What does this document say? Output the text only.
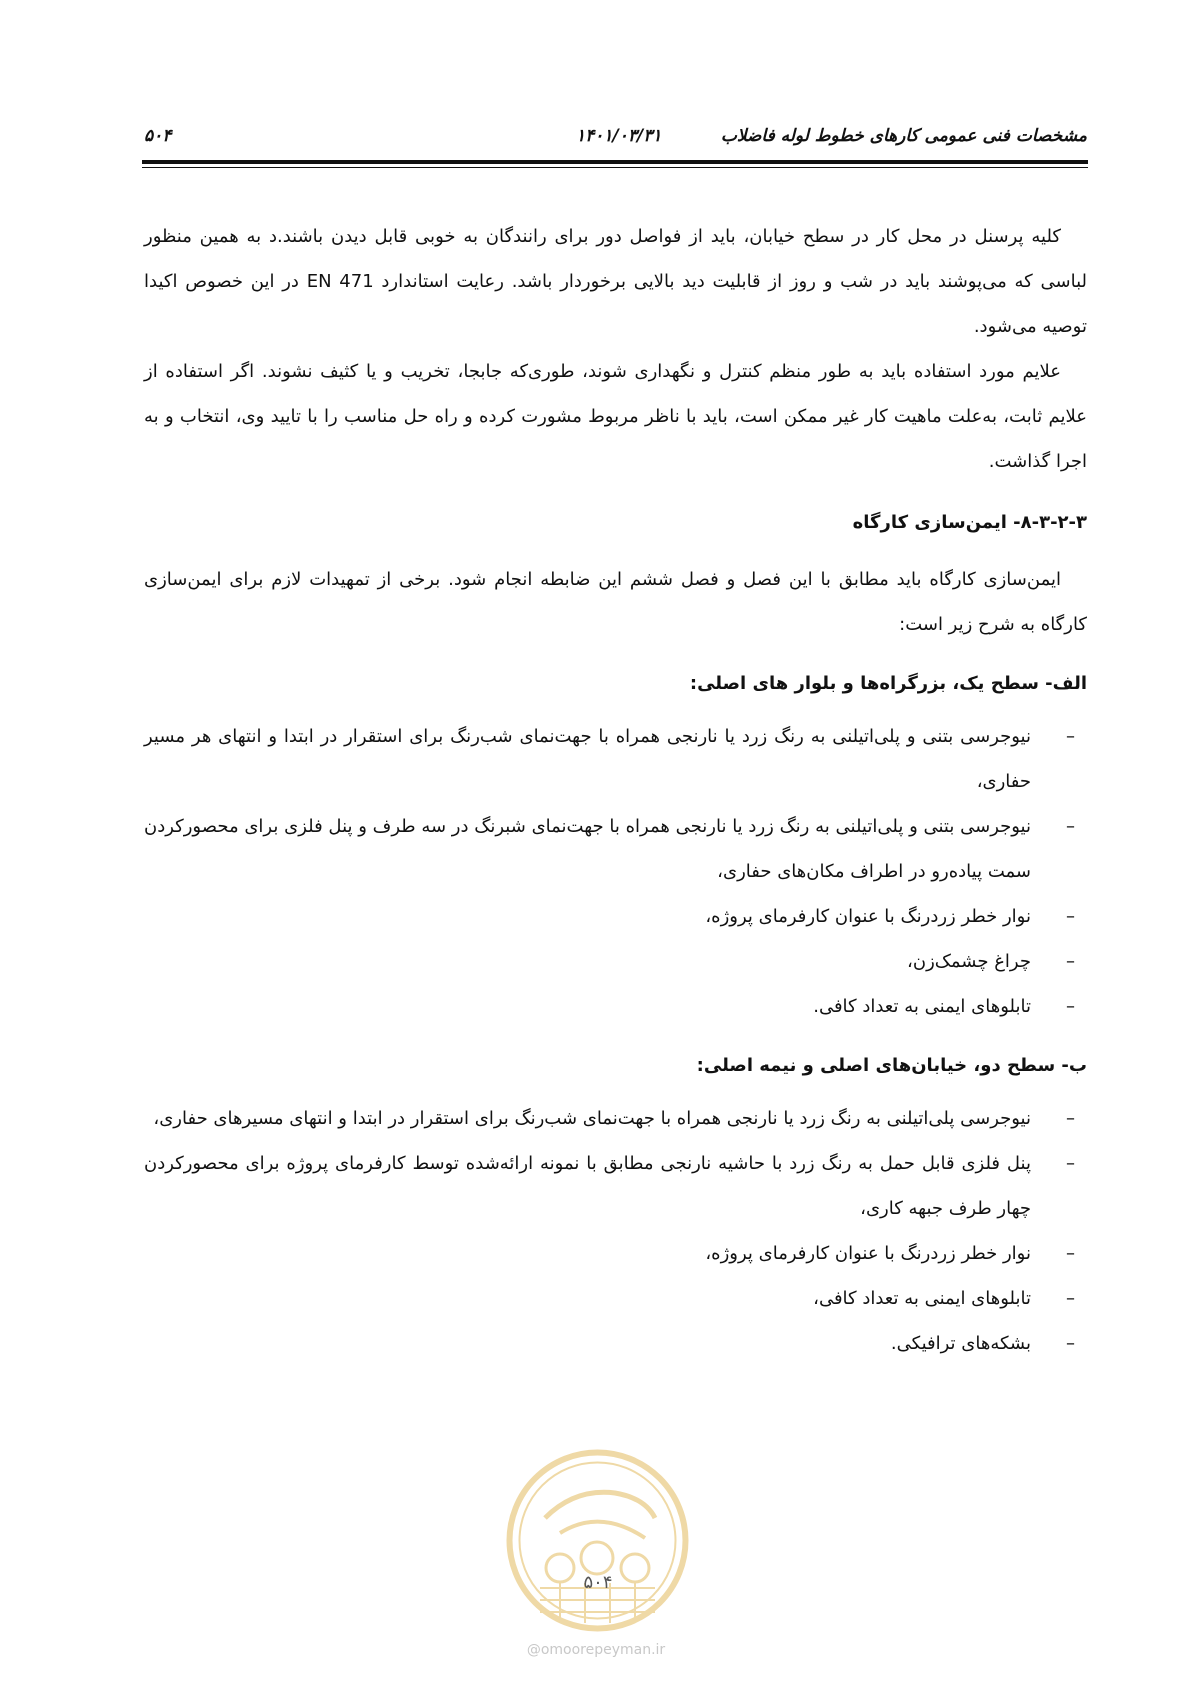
۵۰۴	۱۴۰۱/۰۳/۳۱	مشخصات فنی عمومی کارهای خطوط لوله فاضلاب

کلیه پرسنل در محل کار در سطح خیابان، باید از فواصل دور برای رانندگان به خوبی قابل دیدن باشند.د به همین منظور لباسی که می‌پوشند باید در شب و روز از قابلیت دید بالایی برخوردار باشد. رعایت استاندارد EN 471 در این خصوص اکیدا توصیه می‌شود.

علایم مورد استفاده باید به طور منظم کنترل و نگهداری شوند، طوری‌که جابجا، تخریب و یا کثیف نشوند. اگر استفاده از علایم ثابت، به‌علت ماهیت کار غیر ممکن است، باید با ناظر مربوط مشورت کرده و راه حل مناسب را با تایید وی، انتخاب و به اجرا گذاشت.

۸-۳-۲-۳- ایمن‌سازی کارگاه

ایمن‌سازی کارگاه باید مطابق با این فصل و فصل ششم این ضابطه انجام شود. برخی از تمهیدات لازم برای ایمن‌سازی کارگاه به شرح زیر است:

الف- سطح یک، بزرگراه‌ها و بلوار های اصلی:
–
نیوجرسی بتنی و پلی‌اتیلنی به رنگ زرد یا نارنجی همراه با جهت‌نمای شب‌رنگ برای استقرار در ابتدا و انتهای هر مسیر حفاری،
–
نیوجرسی بتنی و پلی‌اتیلنی به رنگ زرد یا نارنجی همراه با جهت‌نمای شبرنگ در سه طرف و پنل فلزی برای محصورکردن سمت پیاده‌رو در اطراف مکان‌های حفاری،
–
نوار خطر زردرنگ با عنوان کارفرمای پروژه،
–
چراغ چشمک‌زن،
–
تابلوهای ایمنی به تعداد کافی.
ب- سطح دو، خیابان‌های اصلی و نیمه اصلی:
–
نیوجرسی پلی‌اتیلنی به رنگ زرد یا نارنجی همراه با جهت‌نمای شب‌رنگ برای استقرار در ابتدا و انتهای مسیرهای حفاری،
–
پنل فلزی قابل حمل به رنگ زرد با حاشیه نارنجی مطابق با نمونه ارائه‌شده توسط کارفرمای پروژه برای محصورکردن چهار طرف جبهه کاری،
–
نوار خطر زردرنگ با عنوان کارفرمای پروژه،
–
تابلوهای ایمنی به تعداد کافی،
–
بشکه‌های ترافیکی.
۵۰۴
@omoorepeyman.ir
